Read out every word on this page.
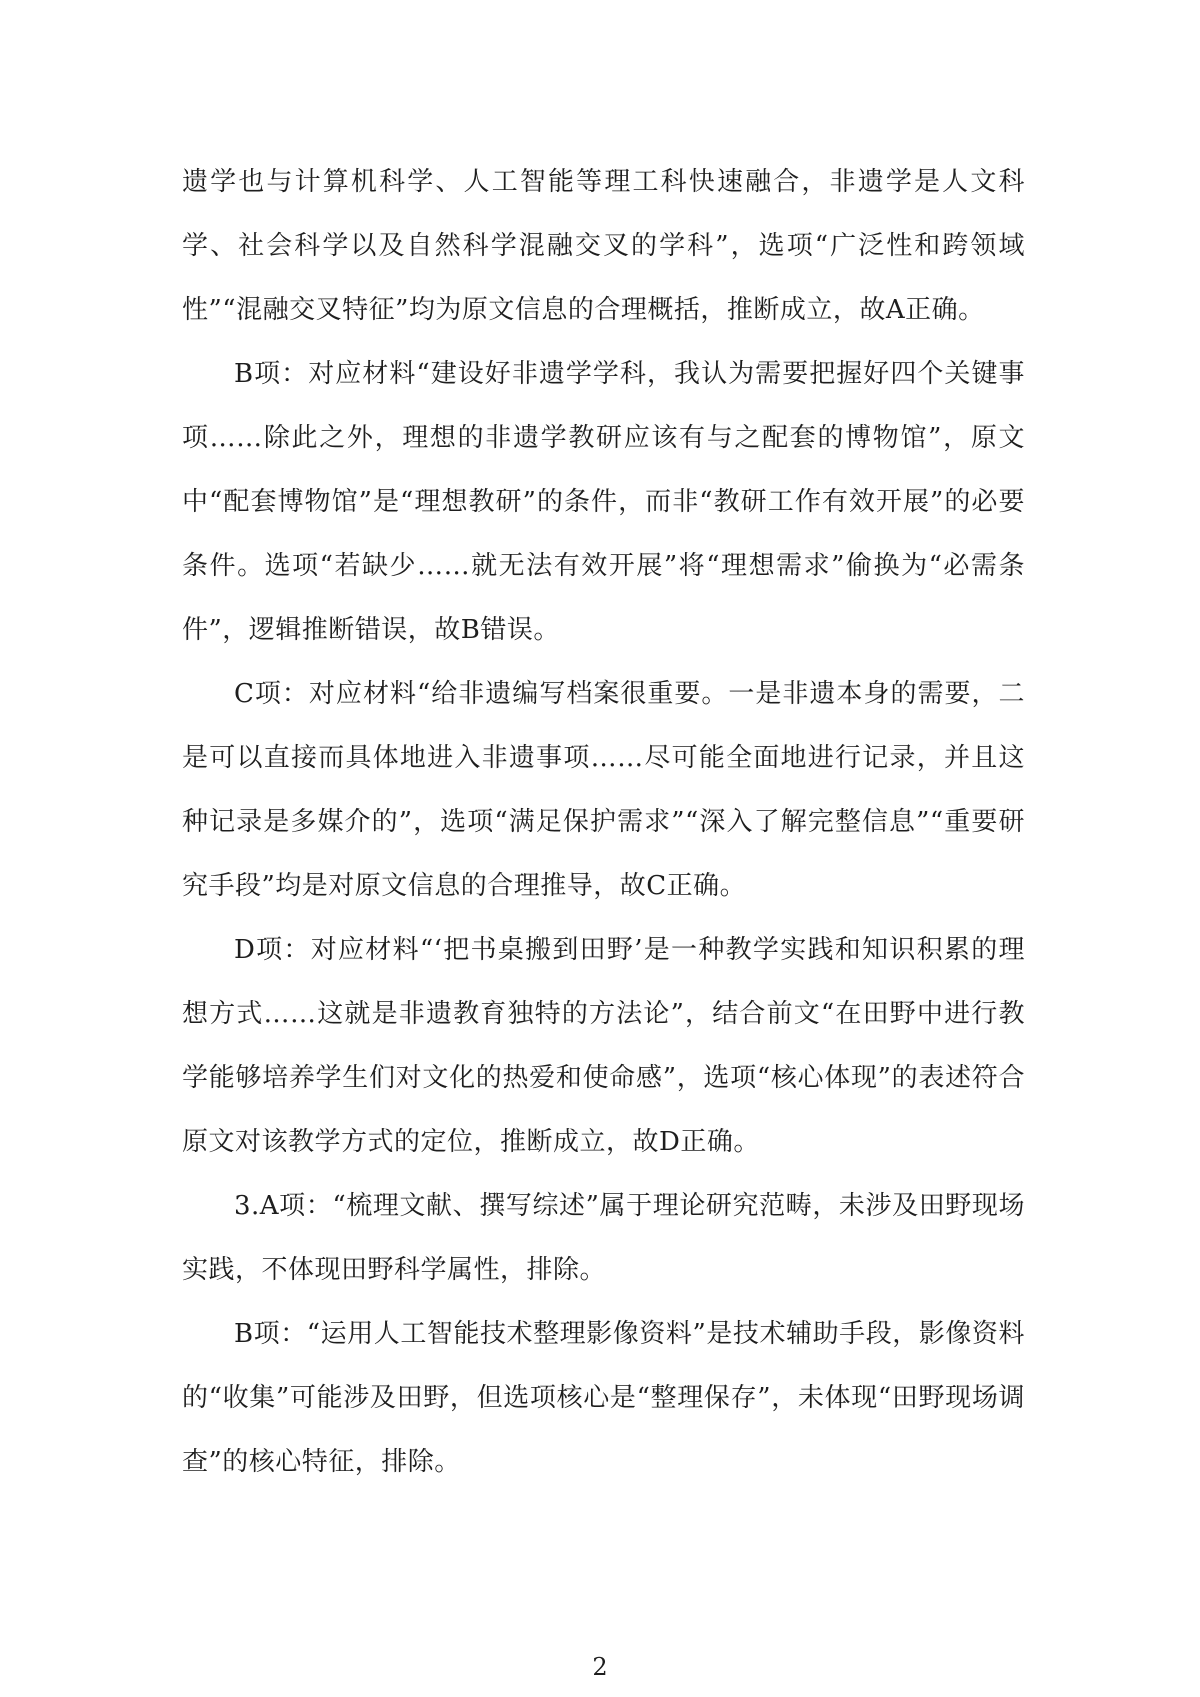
遗学也与计算机科学、人工智能等理工科快速融合，非遗学是人文科学、社会科学以及自然科学混融交叉的学科”，选项“广泛性和跨领域性”“混融交叉特征”均为原文信息的合理概括，推断成立，故A正确。

B项：对应材料“建设好非遗学学科，我认为需要把握好四个关键事项……除此之外，理想的非遗学教研应该有与之配套的博物馆”，原文中“配套博物馆”是“理想教研”的条件，而非“教研工作有效开展”的必要条件。选项“若缺少……就无法有效开展”将“理想需求”偷换为“必需条件”，逻辑推断错误，故B错误。

C项：对应材料“给非遗编写档案很重要。一是非遗本身的需要，二是可以直接而具体地进入非遗事项……尽可能全面地进行记录，并且这种记录是多媒介的”，选项“满足保护需求”“深入了解完整信息”“重要研究手段”均是对原文信息的合理推导，故C正确。

D项：对应材料“‘把书桌搬到田野’是一种教学实践和知识积累的理想方式……这就是非遗教育独特的方法论”，结合前文“在田野中进行教学能够培养学生们对文化的热爱和使命感”，选项“核心体现”的表述符合原文对该教学方式的定位，推断成立，故D正确。

3.A项：“梳理文献、撰写综述”属于理论研究范畴，未涉及田野现场实践，不体现田野科学属性，排除。

B项：“运用人工智能技术整理影像资料”是技术辅助手段，影像资料的“收集”可能涉及田野，但选项核心是“整理保存”，未体现“田野现场调查”的核心特征，排除。

2
